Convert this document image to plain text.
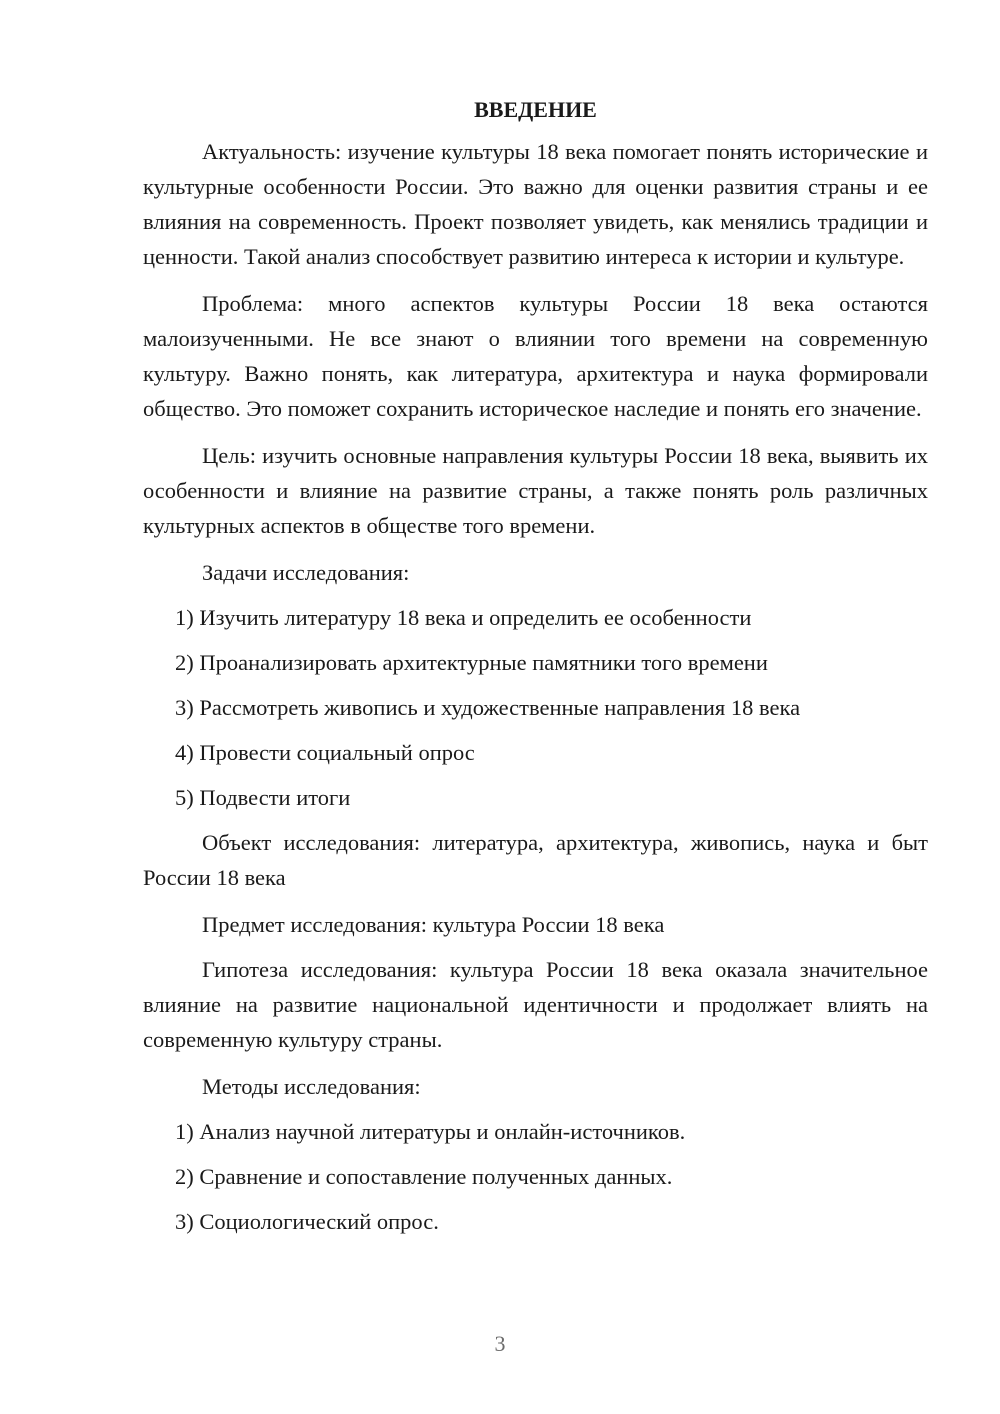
ВВЕДЕНИЕ

Актуальность: изучение культуры 18 века помогает понять исторические и культурные особенности России. Это важно для оценки развития страны и ее влияния на современность. Проект позволяет увидеть, как менялись традиции и ценности. Такой анализ способствует развитию интереса к истории и культуре.

Проблема: много аспектов культуры России 18 века остаются малоизученными. Не все знают о влиянии того времени на современную культуру. Важно понять, как литература, архитектура и наука формировали общество. Это поможет сохранить историческое наследие и понять его значение.

Цель: изучить основные направления культуры России 18 века, выявить их особенности и влияние на развитие страны, а также понять роль различных культурных аспектов в обществе того времени.

Задачи исследования:

1) Изучить литературу 18 века и определить ее особенности
2) Проанализировать архитектурные памятники того времени
3) Рассмотреть живопись и художественные направления 18 века
4) Провести социальный опрос
5) Подвести итоги

Объект исследования: литература, архитектура, живопись, наука и быт России 18 века

Предмет исследования: культура России 18 века

Гипотеза исследования: культура России 18 века оказала значительное влияние на развитие национальной идентичности и продолжает влиять на современную культуру страны.

Методы исследования:

1) Анализ научной литературы и онлайн-источников.
2) Сравнение и сопоставление полученных данных.
3) Социологический опрос.
3
